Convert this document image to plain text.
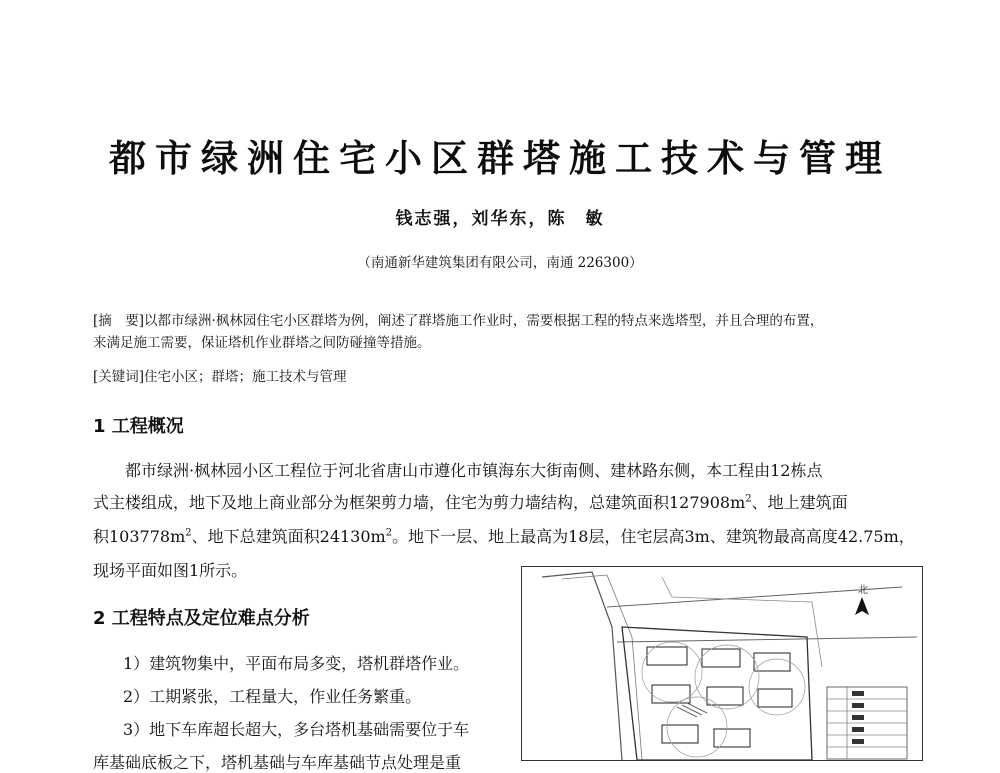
都市绿洲住宅小区群塔施工技术与管理
钱志强，刘华东，陈　敏
（南通新华建筑集团有限公司，南通 226300）
[摘　要]以都市绿洲·枫林园住宅小区群塔为例，阐述了群塔施工作业时，需要根据工程的特点来选塔型，并且合理的布置，
来满足施工需要，保证塔机作业群塔之间防碰撞等措施。
[关键词]住宅小区；群塔；施工技术与管理
1 工程概况
　　都市绿洲·枫林园小区工程位于河北省唐山市遵化市镇海东大街南侧、建林路东侧，本工程由12栋点
式主楼组成，地下及地上商业部分为框架剪力墙，住宅为剪力墙结构，总建筑面积$127908m^2$、地上建筑面
积$103778m^2$、地下总建筑面积$24130m^2$。地下一层、地上最高为18层，住宅层高3m、建筑物最高高度42.75m，
现场平面如图1所示。
2 工程特点及定位难点分析
1）建筑物集中，平面布局多变，塔机群塔作业。
2）工期紧张，工程量大，作业任务繁重。
3）地下车库超长超大，多台塔机基础需要位于车
库基础底板之下，塔机基础与车库基础节点处理是重
北
